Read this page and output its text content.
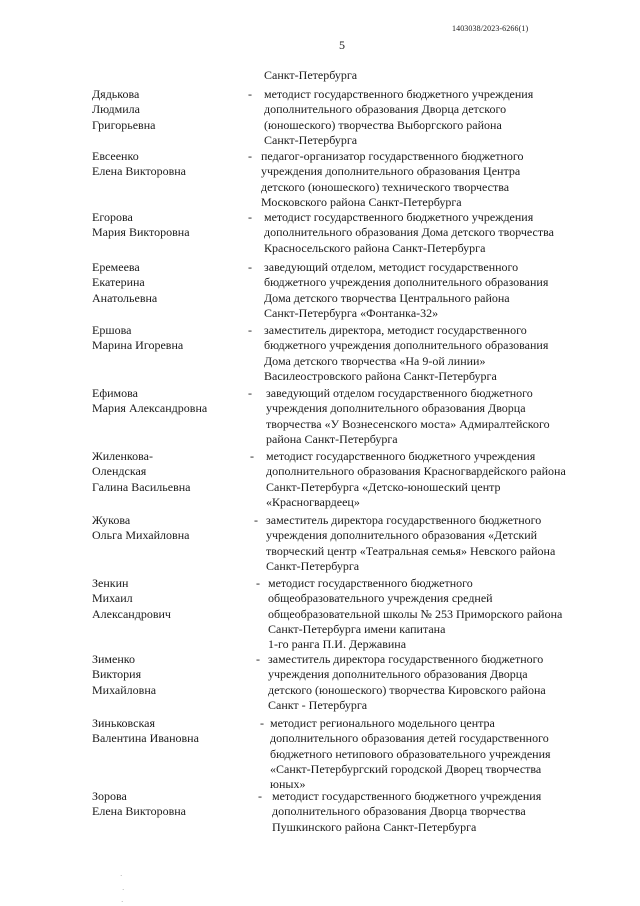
1403038/2023-6266(1)
5
Санкт-Петербурга
Дядькова
Людмила
Григорьевна
- методист государственного бюджетного учреждения
дополнительного образования Дворца детского
(юношеского) творчества Выборгского района
Санкт-Петербурга
Евсеенко
Елена Викторовна
- педагог-организатор государственного бюджетного
учреждения дополнительного образования Центра
детского (юношеского) технического творчества
Московского района Санкт-Петербурга
Егорова
Мария Викторовна
- методист государственного бюджетного учреждения
дополнительного образования Дома детского творчества
Красносельского района Санкт-Петербурга
Еремеева
Екатерина
Анатольевна
- заведующий отделом, методист государственного
бюджетного учреждения дополнительного образования
Дома детского творчества Центрального района
Санкт-Петербурга «Фонтанка-32»
Ершова
Марина Игоревна
- заместитель директора, методист государственного
бюджетного учреждения дополнительного образования
Дома детского творчества «На 9-ой линии»
Василеостровского района Санкт-Петербурга
Ефимова
Мария Александровна
- заведующий отделом государственного бюджетного
учреждения дополнительного образования Дворца
творчества «У Вознесенского моста» Адмиралтейского
района Санкт-Петербурга
Жиленкова-
Олендская
Галина Васильевна
- методист государственного бюджетного учреждения
дополнительного образования Красногвардейского района
Санкт-Петербурга «Детско-юношеский центр
«Красногвардеец»
Жукова
Ольга Михайловна
- заместитель директора государственного бюджетного
учреждения дополнительного образования «Детский
творческий центр «Театральная семья» Невского района
Санкт-Петербурга
Зенкин
Михаил
Александрович
- методист государственного бюджетного
общеобразовательного учреждения средней
общеобразовательной школы № 253 Приморского района
Санкт-Петербурга имени капитана
1-го ранга П.И. Державина
Зименко
Виктория
Михайловна
- заместитель директора государственного бюджетного
учреждения дополнительного образования Дворца
детского (юношеского) творчества Кировского района
Санкт - Петербурга
Зиньковская
Валентина Ивановна
- методист регионального модельного центра
дополнительного образования детей государственного
бюджетного нетипового образовательного учреждения
«Санкт-Петербургский городской Дворец творчества
юных»
Зорова
Елена Викторовна
- методист государственного бюджетного учреждения
дополнительного образования Дворца творчества
Пушкинского района Санкт-Петербурга
·
·
·
